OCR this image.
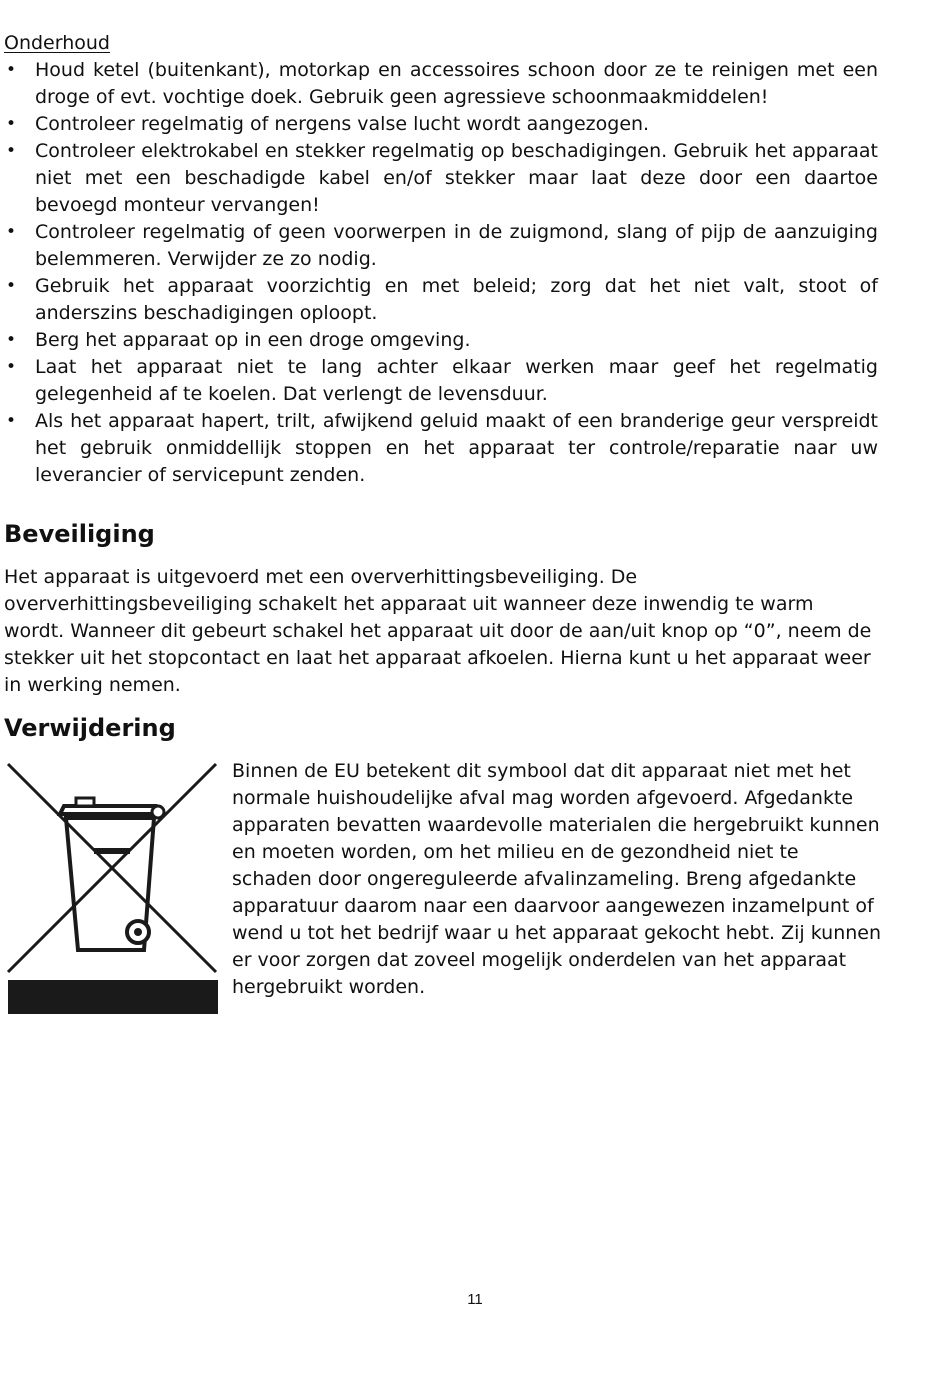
Onderhoud

• Houd ketel (buitenkant), motorkap en accessoires schoon door ze te reinigen met een droge of evt. vochtige doek. Gebruik geen agressieve schoonmaakmiddelen!
• Controleer regelmatig of nergens valse lucht wordt aangezogen.
• Controleer elektrokabel en stekker regelmatig op beschadigingen. Gebruik het apparaat niet met een beschadigde kabel en/of stekker maar laat deze door een daartoe bevoegd monteur vervangen!
• Controleer regelmatig of geen voorwerpen in de zuigmond, slang of pijp de aanzuiging belemmeren. Verwijder ze zo nodig.
• Gebruik het apparaat voorzichtig en met beleid; zorg dat het niet valt, stoot of anderszins beschadigingen oploopt.
• Berg het apparaat op in een droge omgeving.
• Laat het apparaat niet te lang achter elkaar werken maar geef het regelmatig gelegenheid af te koelen. Dat verlengt de levensduur.
• Als het apparaat hapert, trilt, afwijkend geluid maakt of een branderige geur verspreidt het gebruik onmiddellijk stoppen en het apparaat ter controle/reparatie naar uw leverancier of servicepunt zenden.
Beveiliging

Het apparaat is uitgevoerd met een oververhittingsbeveiliging. De oververhittingsbeveiliging schakelt het apparaat uit wanneer deze inwendig te warm wordt. Wanneer dit gebeurt schakel het apparaat uit door de aan/uit knop op “0”, neem de stekker uit het stopcontact en laat het apparaat afkoelen. Hierna kunt u het apparaat weer in werking nemen.

Verwijdering

Binnen de EU betekent dit symbool dat dit apparaat niet met het normale huishoudelijke afval mag worden afgevoerd. Afgedankte apparaten bevatten waardevolle materialen die hergebruikt kunnen en moeten worden, om het milieu en de gezondheid niet te schaden door ongereguleerde afvalinzameling. Breng afgedankte apparatuur daarom naar een daarvoor aangewezen inzamelpunt of wend u tot het bedrijf waar u het apparaat gekocht hebt. Zij kunnen er voor zorgen dat zoveel mogelijk onderdelen van het apparaat hergebruikt worden.

11
